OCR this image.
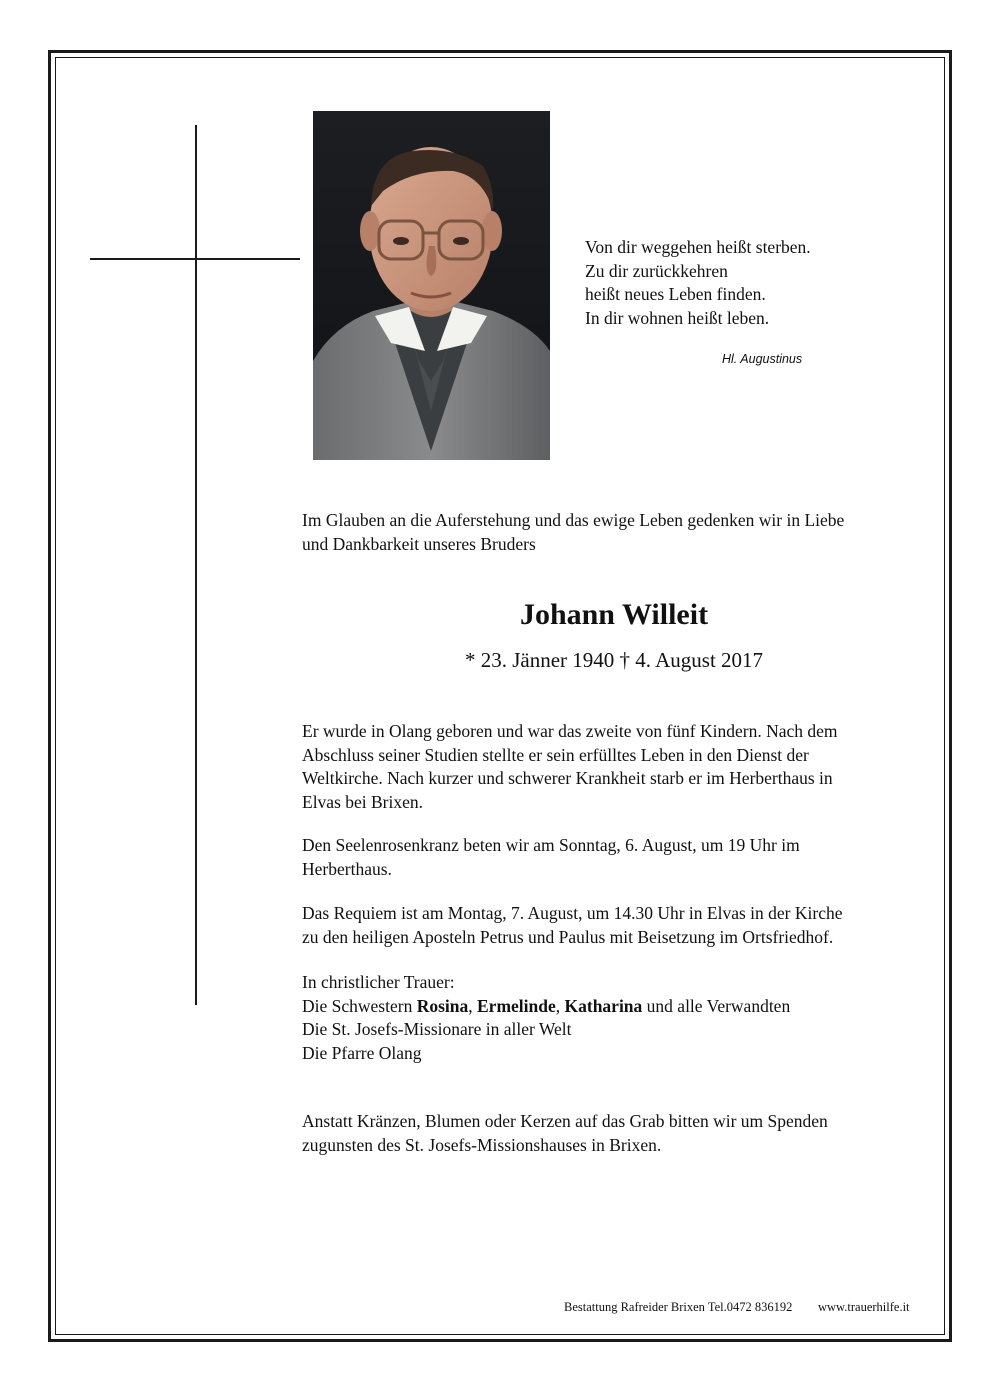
Von dir weggehen heißt sterben.
Zu dir zurückkehren
heißt neues Leben finden.
In dir wohnen heißt leben.
Hl. Augustinus
Im Glauben an die Auferstehung und das ewige Leben gedenken wir in Liebe
und Dankbarkeit unseres Bruders
Johann Willeit
* 23. Jänner 1940 † 4. August 2017
Er wurde in Olang geboren und war das zweite von fünf Kindern. Nach dem
Abschluss seiner Studien stellte er sein erfülltes Leben in den Dienst der
Weltkirche. Nach kurzer und schwerer Krankheit starb er im Herberthaus in
Elvas bei Brixen.
Den Seelenrosenkranz beten wir am Sonntag, 6. August, um 19 Uhr im
Herberthaus.
Das Requiem ist am Montag, 7. August, um 14.30 Uhr in Elvas in der Kirche
zu den heiligen Aposteln Petrus und Paulus mit Beisetzung im Ortsfriedhof.
In christlicher Trauer:
Die Schwestern Rosina, Ermelinde, Katharina und alle Verwandten
Die St. Josefs-Missionare in aller Welt
Die Pfarre Olang
Anstatt Kränzen, Blumen oder Kerzen auf das Grab bitten wir um Spenden
zugunsten des St. Josefs-Missionshauses in Brixen.
Bestattung Rafreider Brixen Tel.0472 836192 www.trauerhilfe.it
